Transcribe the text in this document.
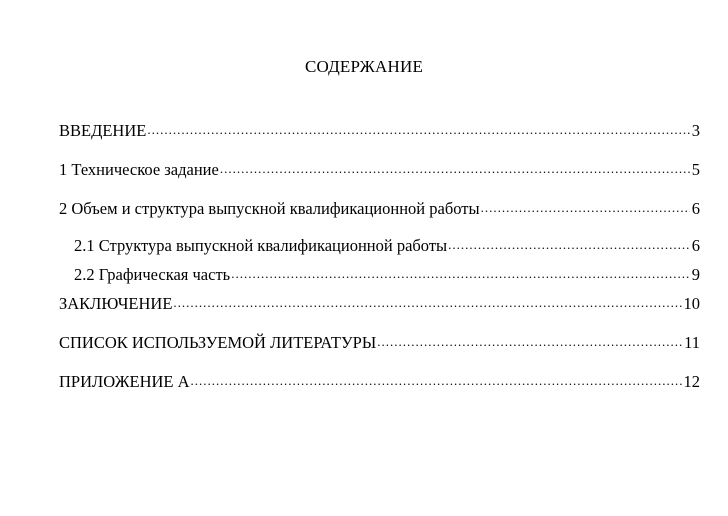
СОДЕРЖАНИЕ
ВВЕДЕНИЕ .....	3
1 Техническое задание .....	5
2 Объем и структура выпускной квалификационной работы .....	6
2.1 Структура выпускной квалификационной работы .....	6
2.2 Графическая часть .....	9
ЗАКЛЮЧЕНИЕ .....	10
СПИСОК ИСПОЛЬЗУЕМОЙ ЛИТЕРАТУРЫ .....	11
ПРИЛОЖЕНИЕ А .....	12
